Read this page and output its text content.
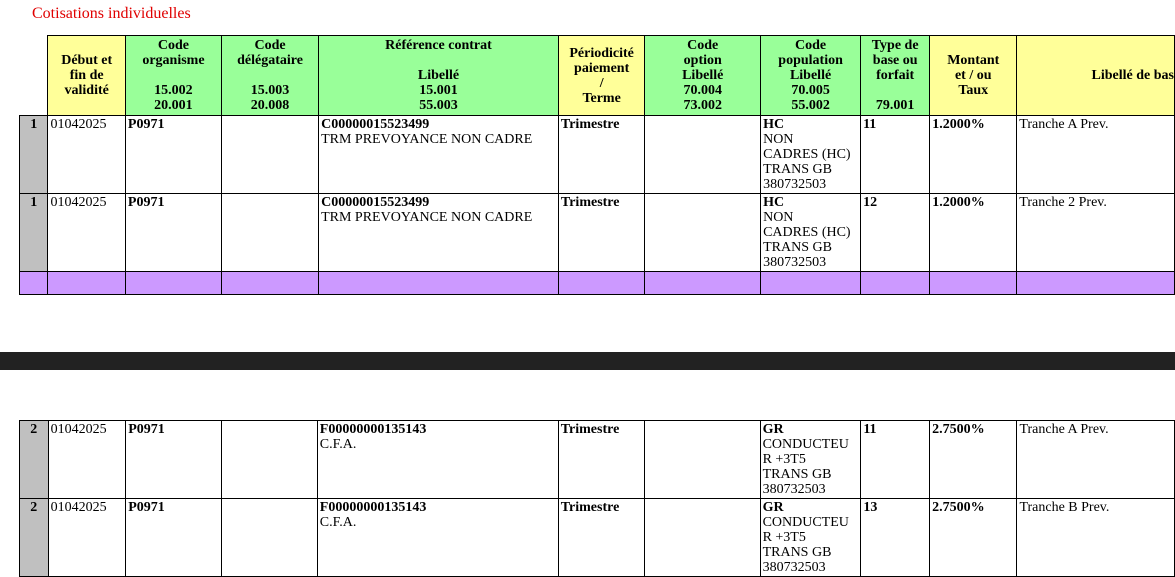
Cotisations individuelles

	Début et
fin de
validité	Code
organisme

15.002
20.001	Code
délégataire

15.003
20.008	Référence contrat

Libellé
15.001
55.003	Périodicité
paiement
/
Terme	Code
option
Libellé
70.004
73.002	Code
population
Libellé
70.005
55.002	Type de
base ou
forfait

79.001	Montant
et / ou
Taux	Libellé de bas
1	01042025	P0971		C00000015523499
TRM PREVOYANCE NON CADRE	Trimestre		HC
NON
CADRES (HC)
TRANS GB
380732503	11	1.2000%	Tranche A Prev.
1	01042025	P0971		C00000015523499
TRM PREVOYANCE NON CADRE	Trimestre		HC
NON
CADRES (HC)
TRANS GB
380732503	12	1.2000%	Tranche 2 Prev.

2	01042025	P0971		F00000000135143
C.F.A.	Trimestre		GR
CONDUCTEU
R +3T5
TRANS GB
380732503	11	2.7500%	Tranche A Prev.
2	01042025	P0971		F00000000135143
C.F.A.	Trimestre		GR
CONDUCTEU
R +3T5
TRANS GB
380732503	13	2.7500%	Tranche B Prev.
